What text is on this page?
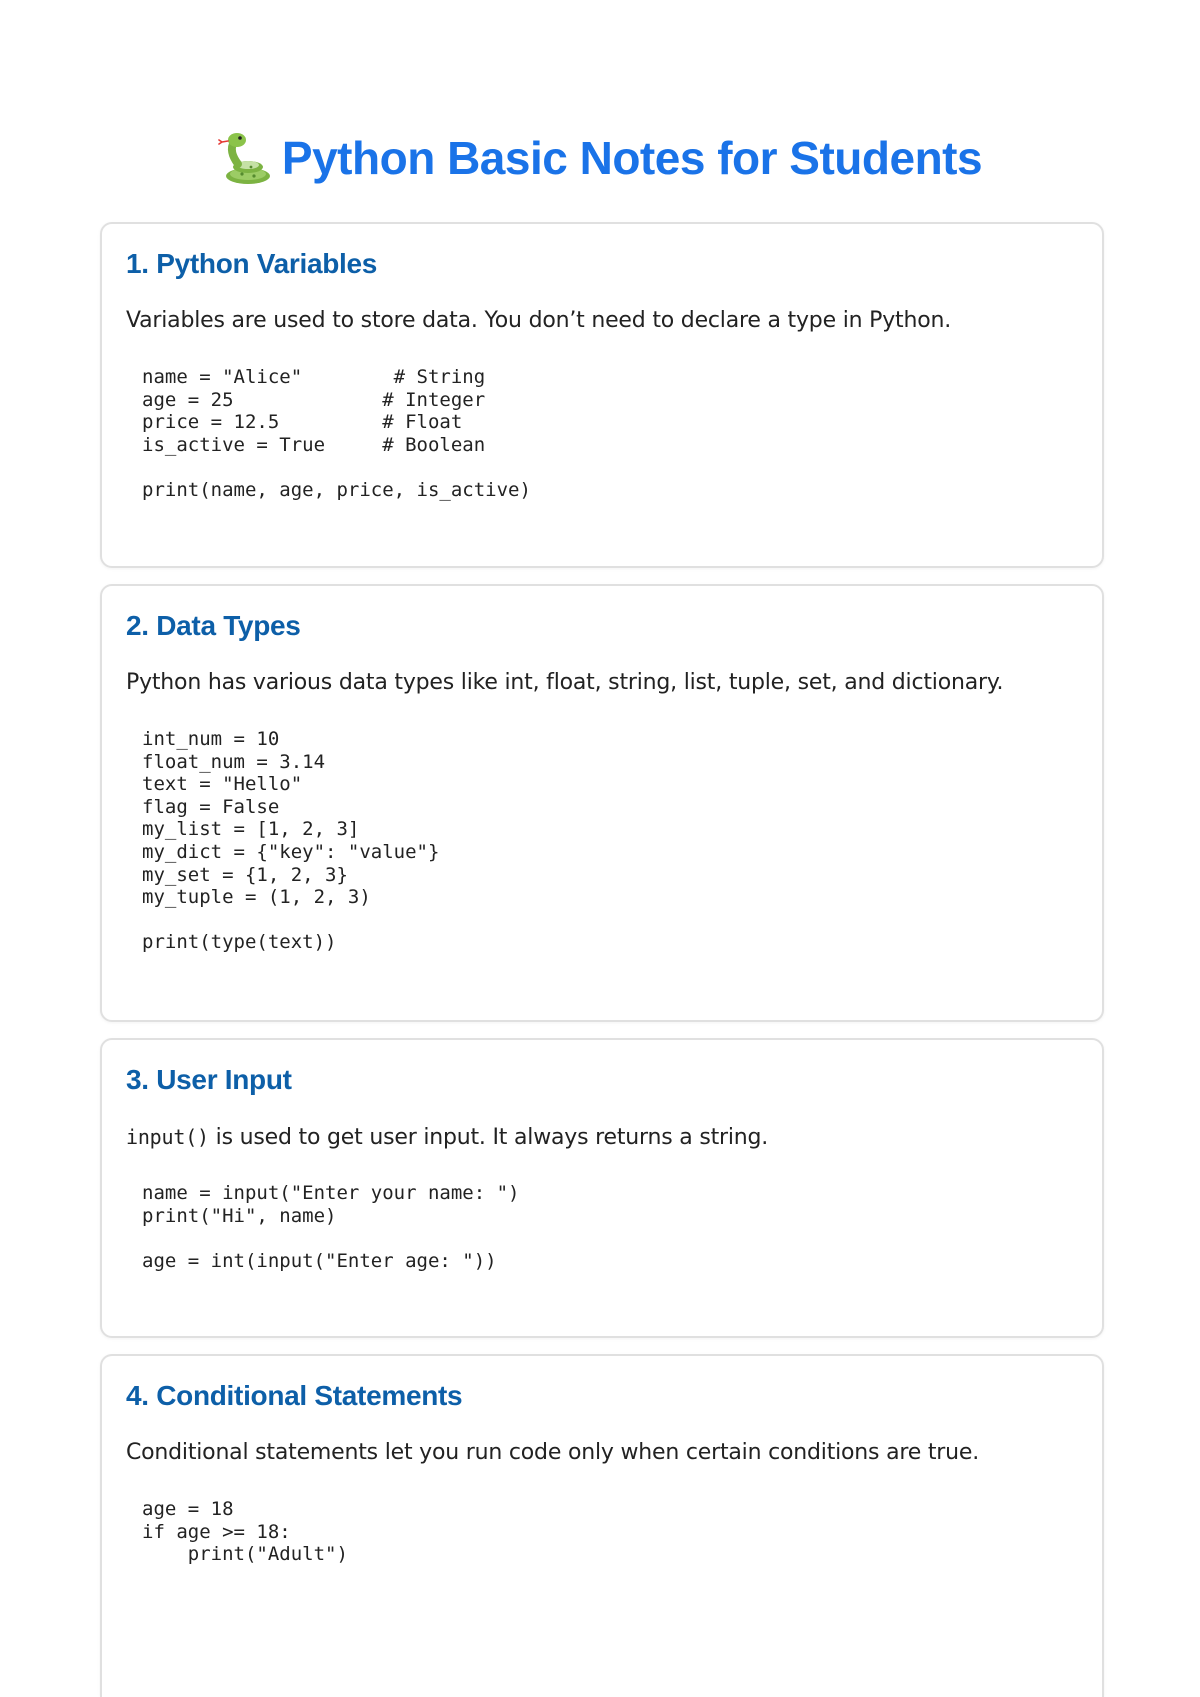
Python Basic Notes for Students
1. Python Variables
Variables are used to store data. You don’t need to declare a type in Python.
name = "Alice"        # String
age = 25             # Integer
price = 12.5         # Float
is_active = True     # Boolean

print(name, age, price, is_active)
2. Data Types
Python has various data types like int, float, string, list, tuple, set, and dictionary.
int_num = 10
float_num = 3.14
text = "Hello"
flag = False
my_list = [1, 2, 3]
my_dict = {"key": "value"}
my_set = {1, 2, 3}
my_tuple = (1, 2, 3)

print(type(text))
3. User Input
input() is used to get user input. It always returns a string.
name = input("Enter your name: ")
print("Hi", name)

age = int(input("Enter age: "))
4. Conditional Statements
Conditional statements let you run code only when certain conditions are true.
age = 18
if age >= 18:
print("Adult")
